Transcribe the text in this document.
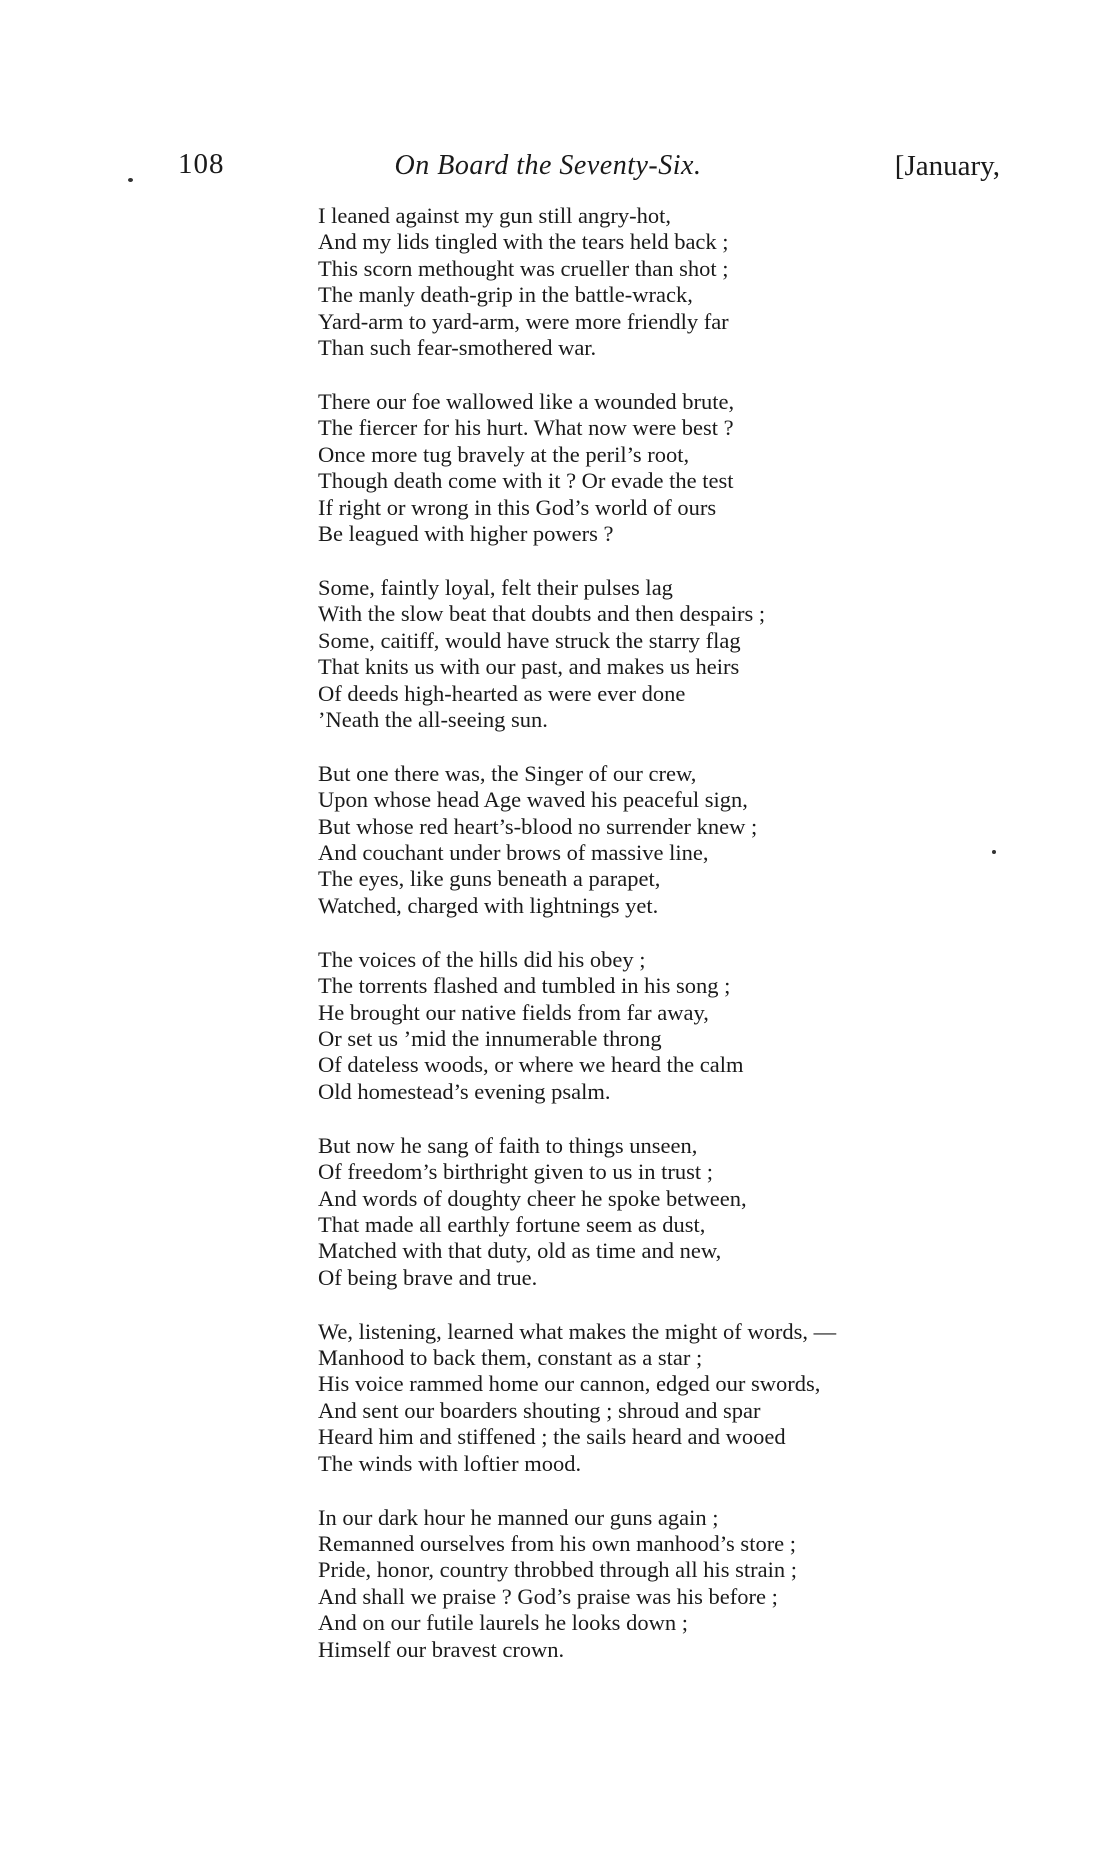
108	On Board the Seventy-Six.	[January,
I leaned against my gun still angry-hot,
And my lids tingled with the tears held back ;
This scorn methought was crueller than shot ;
The manly death-grip in the battle-wrack,
Yard-arm to yard-arm, were more friendly far
Than such fear-smothered war.
There our foe wallowed like a wounded brute,
The fiercer for his hurt. What now were best ?
Once more tug bravely at the peril’s root,
Though death come with it ? Or evade the test
If right or wrong in this God’s world of ours
Be leagued with higher powers ?
Some, faintly loyal, felt their pulses lag
With the slow beat that doubts and then despairs ;
Some, caitiff, would have struck the starry flag
That knits us with our past, and makes us heirs
Of deeds high-hearted as were ever done
’Neath the all-seeing sun.
But one there was, the Singer of our crew,
Upon whose head Age waved his peaceful sign,
But whose red heart’s-blood no surrender knew ;
And couchant under brows of massive line,
The eyes, like guns beneath a parapet,
Watched, charged with lightnings yet.
The voices of the hills did his obey ;
The torrents flashed and tumbled in his song ;
He brought our native fields from far away,
Or set us ’mid the innumerable throng
Of dateless woods, or where we heard the calm
Old homestead’s evening psalm.
But now he sang of faith to things unseen,
Of freedom’s birthright given to us in trust ;
And words of doughty cheer he spoke between,
That made all earthly fortune seem as dust,
Matched with that duty, old as time and new,
Of being brave and true.
We, listening, learned what makes the might of words, —
Manhood to back them, constant as a star ;
His voice rammed home our cannon, edged our swords,
And sent our boarders shouting ; shroud and spar
Heard him and stiffened ; the sails heard and wooed
The winds with loftier mood.
In our dark hour he manned our guns again ;
Remanned ourselves from his own manhood’s store ;
Pride, honor, country throbbed through all his strain ;
And shall we praise ? God’s praise was his before ;
And on our futile laurels he looks down ;
Himself our bravest crown.
